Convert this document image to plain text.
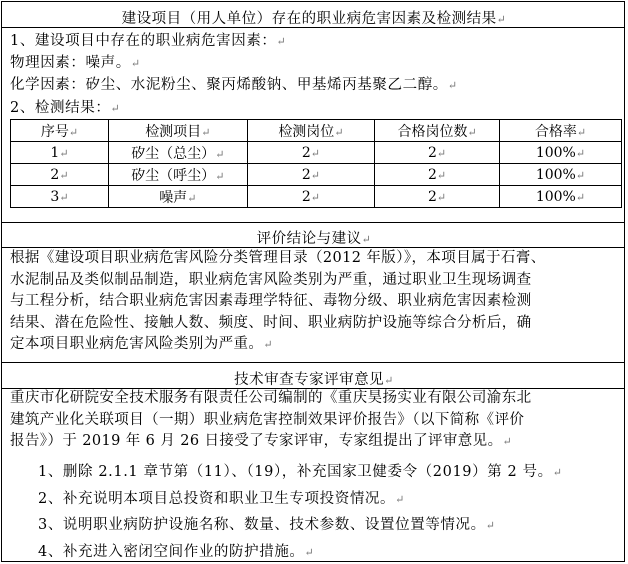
建设项目（用人单位）存在的职业病危害因素及检测结果↵
1、建设项目中存在的职业病危害因素：↵
物理因素：噪声。↵
化学因素：矽尘、水泥粉尘、聚丙烯酸钠、甲基烯丙基聚乙二醇。↵
2、检测结果：↵
序号↵	检测项目↵	检测岗位↵	合格岗位数↵	合格率↵
1↵	矽尘（总尘）↵	2↵	2↵	100%↵
2↵	矽尘（呼尘）↵	2↵	2↵	100%↵
3↵	噪声↵	2↵	2↵	100%↵
评价结论与建议↵
根据《建设项目职业病危害风险分类管理目录（2012 年版）》，本项目属于石膏、
水泥制品及类似制品制造，职业病危害风险类别为严重，通过职业卫生现场调查
与工程分析，结合职业病危害因素毒理学特征、毒物分级、职业病危害因素检测
结果、潜在危险性、接触人数、频度、时间、职业病防护设施等综合分析后，确
定本项目职业病危害风险类别为严重。↵
技术审查专家评审意见↵
重庆市化研院安全技术服务有限责任公司编制的《重庆昊扬实业有限公司渝东北
建筑产业化关联项目（一期）职业病危害控制效果评价报告》（以下简称《评价
报告》）于 2019 年 6 月 26 日接受了专家评审，专家组提出了评审意见。↵
1、删除 2.1.1 章节第（11）、（19），补充国家卫健委令（2019）第 2 号。↵
2、补充说明本项目总投资和职业卫生专项投资情况。↵
3、说明职业病防护设施名称、数量、技术参数、设置位置等情况。↵
4、补充进入密闭空间作业的防护措施。↵
